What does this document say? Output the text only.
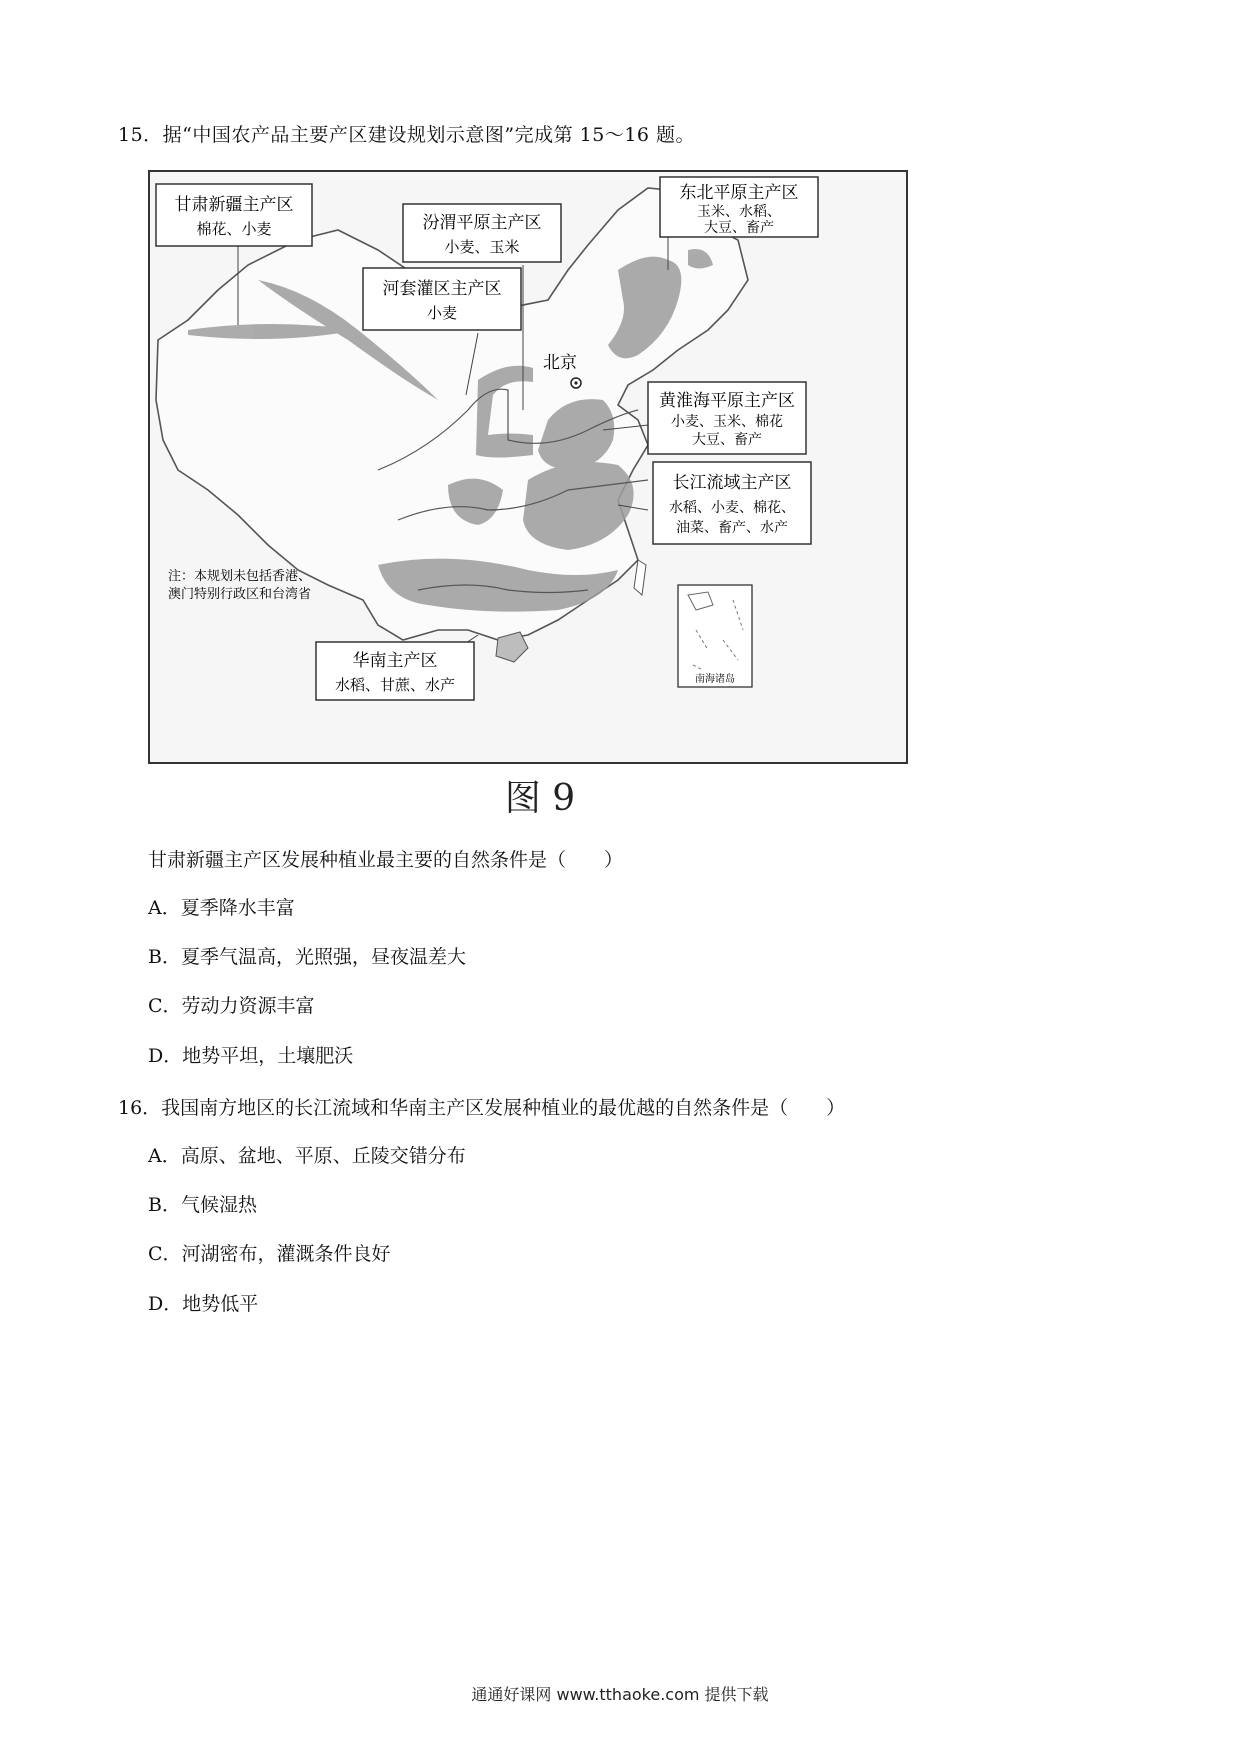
15．据“中国农产品主要产区建设规划示意图”完成第 15～16 题。
北京
甘肃新疆主产区
棉花、小麦	汾渭平原主产区
小麦、玉米
河套灌区主产区
小麦
东北平原主产区
玉米、水稻、
大豆、畜产
黄淮海平原主产区
小麦、玉米、棉花
大豆、畜产
长江流域主产区
水稻、小麦、棉花、
油菜、畜产、水产
华南主产区
水稻、甘蔗、水产
注：本规划未包括香港、
澳门特别行政区和台湾省
南海诸岛
图 9
甘肃新疆主产区发展种植业最主要的自然条件是（　　）
A．夏季降水丰富
B．夏季气温高，光照强，昼夜温差大
C．劳动力资源丰富
D．地势平坦，土壤肥沃
16．我国南方地区的长江流域和华南主产区发展种植业的最优越的自然条件是（　　）
A．高原、盆地、平原、丘陵交错分布
B．气候湿热
C．河湖密布，灌溉条件良好
D．地势低平
通通好课网 www.tthaoke.com 提供下载
